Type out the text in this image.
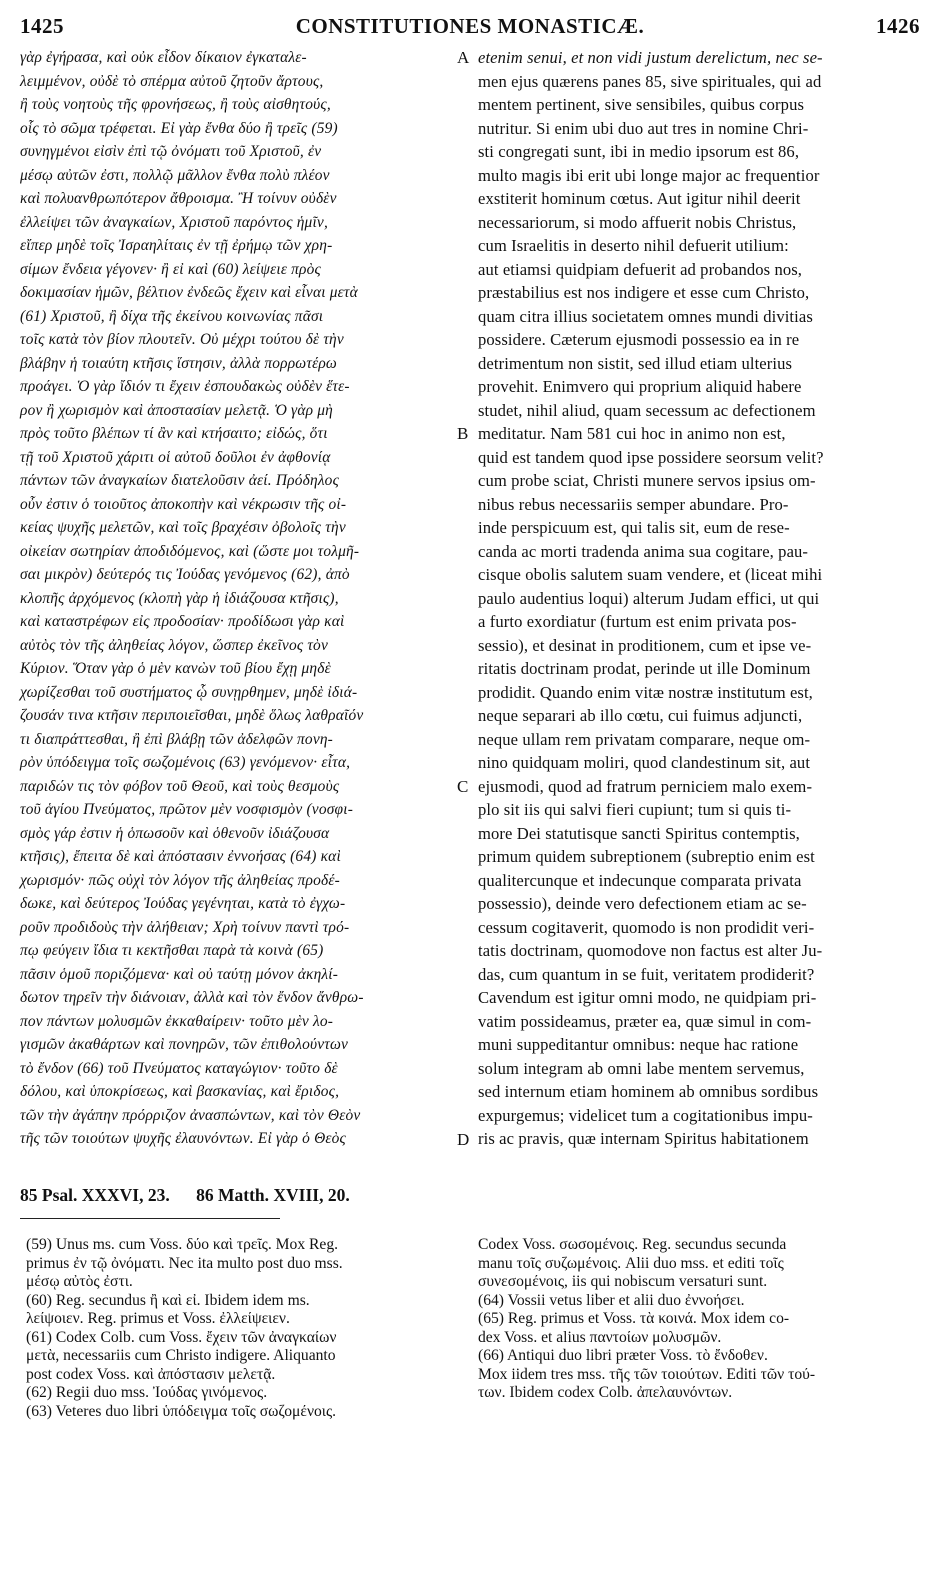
1425	CONSTITUTIONES MONASTICÆ.	1426
γὰρ ἐγήρασα, καὶ οὐκ εἶδον δίκαιον ἐγκαταλε-
λειμμένον, οὐδὲ τὸ σπέρμα αὐτοῦ ζητοῦν ἄρτους,
ἢ τοὺς νοητοὺς τῆς φρονήσεως, ἢ τοὺς αἰσθητούς,
οἷς τὸ σῶμα τρέφεται. Εἰ γὰρ ἔνθα δύο ἢ τρεῖς (59)
συνηγμένοι εἰσὶν ἐπὶ τῷ ὀνόματι τοῦ Χριστοῦ, ἐν
μέσῳ αὐτῶν ἐστι, πολλῷ μᾶλλον ἔνθα πολὺ πλέον
καὶ πολυανθρωπότερον ἄθροισμα. Ἢ τοίνυν οὐδὲν
ἐλλείψει τῶν ἀναγκαίων, Χριστοῦ παρόντος ἡμῖν,
εἴπερ μηδὲ τοῖς Ἰσραηλίταις ἐν τῇ ἐρήμῳ τῶν χρη-
σίμων ἔνδεια γέγονεν· ἢ εἰ καὶ (60) λείψειε πρὸς
δοκιμασίαν ἡμῶν, βέλτιον ἐνδεῶς ἔχειν καὶ εἶναι μετὰ
(61) Χριστοῦ, ἢ δίχα τῆς ἐκείνου κοινωνίας πᾶσι
τοῖς κατὰ τὸν βίον πλουτεῖν. Οὐ μέχρι τούτου δὲ τὴν
βλάβην ἡ τοιαύτη κτῆσις ἵστησιν, ἀλλὰ πορρωτέρω
προάγει. Ὁ γὰρ ἴδιόν τι ἔχειν ἐσπουδακὼς οὐδὲν ἕτε-
ρον ἢ χωρισμὸν καὶ ἀποστασίαν μελετᾷ. Ὁ γὰρ μὴ
πρὸς τοῦτο βλέπων τί ἂν καὶ κτήσαιτο; εἰδώς, ὅτι
τῇ τοῦ Χριστοῦ χάριτι οἱ αὐτοῦ δοῦλοι ἐν ἀφθονίᾳ
πάντων τῶν ἀναγκαίων διατελοῦσιν ἀεί. Πρόδηλος
οὖν ἐστιν ὁ τοιοῦτος ἀποκοπὴν καὶ νέκρωσιν τῆς οἰ-
κείας ψυχῆς μελετῶν, καὶ τοῖς βραχέσιν ὀβολοῖς τὴν
οἰκείαν σωτηρίαν ἀποδιδόμενος, καὶ (ὥστε μοι τολμῆ-
σαι μικρὸν) δεύτερός τις Ἰούδας γενόμενος (62), ἀπὸ
κλοπῆς ἀρχόμενος (κλοπὴ γὰρ ἡ ἰδιάζουσα κτῆσις),
καὶ καταστρέφων εἰς προδοσίαν· προδίδωσι γὰρ καὶ
αὐτὸς τὸν τῆς ἀληθείας λόγον, ὥσπερ ἐκεῖνος τὸν
Κύριον. Ὅταν γὰρ ὁ μὲν κανὼν τοῦ βίου ἔχῃ μηδὲ
χωρίζεσθαι τοῦ συστήματος ᾧ συνῃρθημεν, μηδὲ ἰδιά-
ζουσάν τινα κτῆσιν περιποιεῖσθαι, μηδὲ ὅλως λαθραῖόν
τι διαπράττεσθαι, ἢ ἐπὶ βλάβῃ τῶν ἀδελφῶν πονη-
ρὸν ὑπόδειγμα τοῖς σωζομένοις (63) γενόμενον· εἶτα,
παριδών τις τὸν φόβον τοῦ Θεοῦ, καὶ τοὺς θεσμοὺς
τοῦ ἁγίου Πνεύματος, πρῶτον μὲν νοσφισμὸν (νοσφι-
σμὸς γάρ ἐστιν ἡ ὁπωσοῦν καὶ ὁθενοῦν ἰδιάζουσα
κτῆσις), ἔπειτα δὲ καὶ ἀπόστασιν ἐννοήσας (64) καὶ
χωρισμόν· πῶς οὐχὶ τὸν λόγον τῆς ἀληθείας προδέ-
δωκε, καὶ δεύτερος Ἰούδας γεγένηται, κατὰ τὸ ἐγχω-
ροῦν προδιδοὺς τὴν ἀλήθειαν; Χρὴ τοίνυν παντὶ τρό-
πῳ φεύγειν ἴδια τι κεκτῆσθαι παρὰ τὰ κοινὰ (65)
πᾶσιν ὁμοῦ ποριζόμενα· καὶ οὐ ταύτῃ μόνον ἀκηλί-
δωτον τηρεῖν τὴν διάνοιαν, ἀλλὰ καὶ τὸν ἔνδον ἄνθρω-
πον πάντων μολυσμῶν ἐκκαθαίρειν· τοῦτο μὲν λο-
γισμῶν ἀκαθάρτων καὶ πονηρῶν, τῶν ἐπιθολούντων
τὸ ἔνδον (66) τοῦ Πνεύματος καταγώγιον· τοῦτο δὲ
δόλου, καὶ ὑποκρίσεως, καὶ βασκανίας, καὶ ἔριδος,
τῶν τὴν ἀγάπην πρόρριζον ἀνασπώντων, καὶ τὸν Θεὸν
τῆς τῶν τοιούτων ψυχῆς ἐλαυνόντων. Εἰ γὰρ ὁ Θεὸς
A
B
C
D
etenim senui, et non vidi justum derelictum, nec se-
men ejus quærens panes 85, sive spirituales, qui ad
mentem pertinent, sive sensibiles, quibus corpus
nutritur. Si enim ubi duo aut tres in nomine Chri-
sti congregati sunt, ibi in medio ipsorum est 86,
multo magis ibi erit ubi longe major ac frequentior
exstiterit hominum cœtus. Aut igitur nihil deerit
necessariorum, si modo affuerit nobis Christus,
cum Israelitis in deserto nihil defuerit utilium:
aut etiamsi quidpiam defuerit ad probandos nos,
præstabilius est nos indigere et esse cum Christo,
quam citra illius societatem omnes mundi divitias
possidere. Cæterum ejusmodi possessio ea in re
detrimentum non sistit, sed illud etiam ulterius
provehit. Enimvero qui proprium aliquid habere
studet, nihil aliud, quam secessum ac defectionem
meditatur. Nam 581 cui hoc in animo non est,
quid est tandem quod ipse possidere seorsum velit?
cum probe sciat, Christi munere servos ipsius om-
nibus rebus necessariis semper abundare. Pro-
inde perspicuum est, qui talis sit, eum de rese-
canda ac morti tradenda anima sua cogitare, pau-
cisque obolis salutem suam vendere, et (liceat mihi
paulo audentius loqui) alterum Judam effici, ut qui
a furto exordiatur (furtum est enim privata pos-
sessio), et desinat in proditionem, cum et ipse ve-
ritatis doctrinam prodat, perinde ut ille Dominum
prodidit. Quando enim vitæ nostræ institutum est,
neque separari ab illo cœtu, cui fuimus adjuncti,
neque ullam rem privatam comparare, neque om-
nino quidquam moliri, quod clandestinum sit, aut
ejusmodi, quod ad fratrum perniciem malo exem-
plo sit iis qui salvi fieri cupiunt; tum si quis ti-
more Dei statutisque sancti Spiritus contemptis,
primum quidem subreptionem (subreptio enim est
qualitercunque et indecunque comparata privata
possessio), deinde vero defectionem etiam ac se-
cessum cogitaverit, quomodo is non prodidit veri-
tatis doctrinam, quomodove non factus est alter Ju-
das, cum quantum in se fuit, veritatem prodiderit?
Cavendum est igitur omni modo, ne quidpiam pri-
vatim possideamus, præter ea, quæ simul in com-
muni suppeditantur omnibus: neque hac ratione
solum integram ab omni labe mentem servemus,
sed internum etiam hominem ab omnibus sordibus
expurgemus; videlicet tum a cogitationibus impu-
ris ac pravis, quæ internam Spiritus habitationem
85 Psal. XXXVI, 23. 86 Matth. XVIII, 20.
(59) Unus ms. cum Voss. δύο καὶ τρεῖς. Mox Reg.
primus ἐν τῷ ὀνόματι. Nec ita multo post duo mss.
μέσῳ αὐτὸς ἐστι.
(60) Reg. secundus ἢ καὶ εἰ. Ibidem idem ms.
λείψοιεν. Reg. primus et Voss. ἐλλείψειεν.
(61) Codex Colb. cum Voss. ἔχειν τῶν ἀναγκαίων
μετὰ, necessariis cum Christo indigere. Aliquanto
post codex Voss. καὶ ἀπόστασιν μελετᾷ.
(62) Regii duo mss. Ἰούδας γινόμενος.
(63) Veteres duo libri ὑπόδειγμα τοῖς σωζομένοις.
Codex Voss. σωσομένοις. Reg. secundus secunda
manu τοῖς συζωμένοις. Alii duo mss. et editi τοῖς
συνεσομένοις, iis qui nobiscum versaturi sunt.
(64) Vossii vetus liber et alii duo ἐννοήσει.
(65) Reg. primus et Voss. τὰ κοινά. Mox idem co-
dex Voss. et alius παντοίων μολυσμῶν.
(66) Antiqui duo libri præter Voss. τὸ ἔνδοθεν.
Mox iidem tres mss. τῆς τῶν τοιούτων. Editi τῶν τού-
των. Ibidem codex Colb. ἀπελαυνόντων.
